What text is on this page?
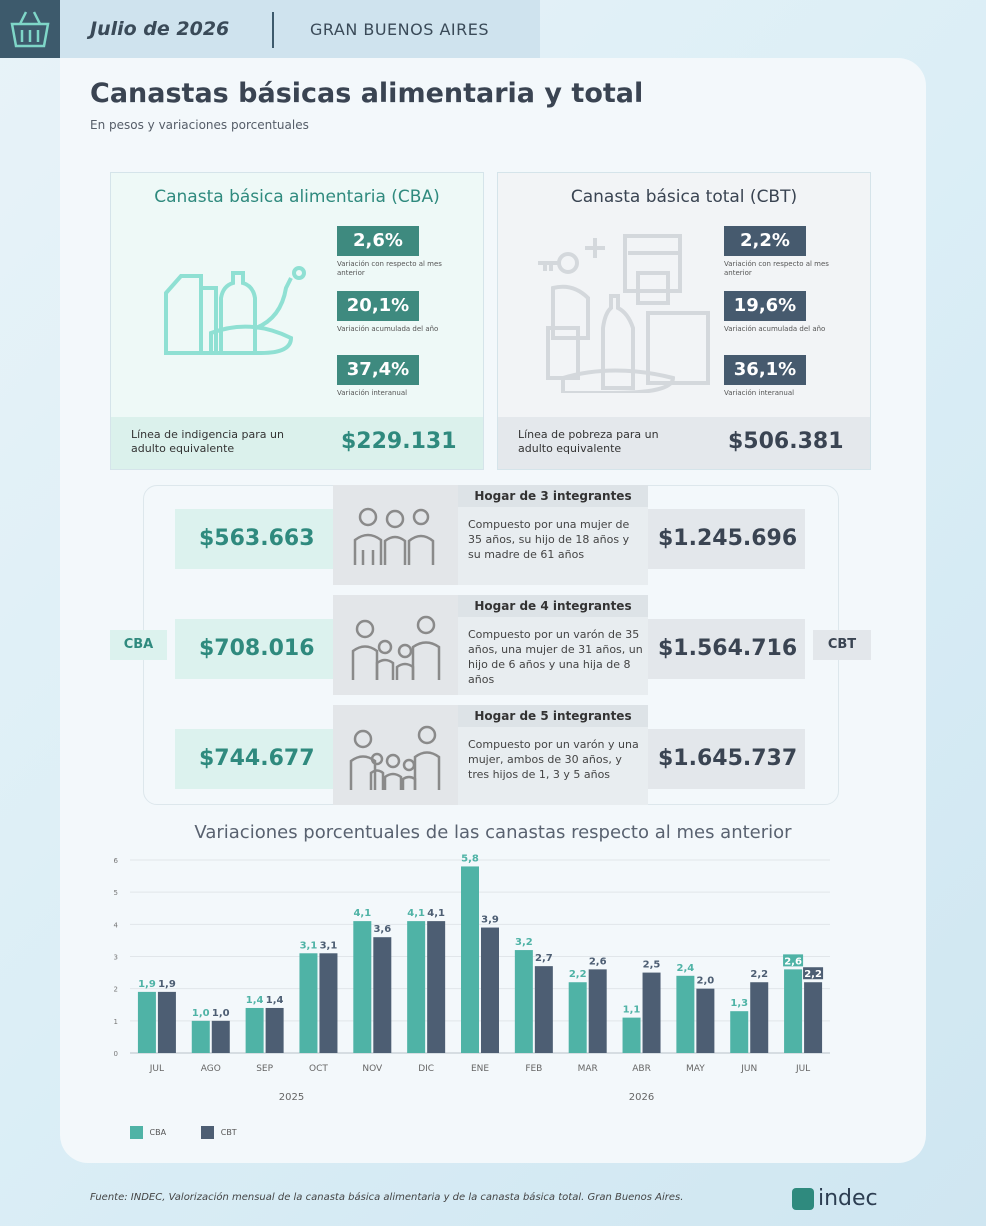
Julio de 2026	GRAN BUENOS AIRES
Canastas básicas alimentaria y total
En pesos y variaciones porcentuales
Canasta básica alimentaria (CBA)
2,6%
Variación con respecto al mes anterior
20,1%
Variación acumulada del año
37,4%
Variación interanual
Línea de indigencia para un adulto equivalente	$229.131
Canasta básica total (CBT)
2,2%
Variación con respecto al mes anterior
19,6%
Variación acumulada del año
36,1%
Variación interanual
Línea de pobreza para un adulto equivalente	$506.381
CBA	CBT
$563.663
Hogar de 3 integrantes
Compuesto por una mujer de 35 años, su hijo de 18 años y su madre de 61 años
$1.245.696
$708.016
Hogar de 4 integrantes
Compuesto por un varón de 35 años, una mujer de 31 años, un hijo de 6 años y una hija de 8 años
$1.564.716
$744.677
Hogar de 5 integrantes
Compuesto por un varón y una mujer, ambos de 30 años, y tres hijos de 1, 3 y 5 años
$1.645.737
Variaciones porcentuales de las canastas respecto al mes anterior
0
1
2
3
4
5
6
1,9 1,9
JUL
1,0 1,0
AGO
1,4 1,4
SEP
3,1 3,1
OCT
4,1
3,6
NOV
4,1 4,1
DIC
5,8
3,9
ENE
3,2
2,7
FEB
2,2
2,6
MAR
1,1
2,5
ABR
2,4
2,0
MAY
1,3
2,2
JUN
2,6
2,2
JUL
2025	2026
CBA	CBT
Fuente: INDEC, Valorización mensual de la canasta básica alimentaria y de la canasta básica total. Gran Buenos Aires.	indec
